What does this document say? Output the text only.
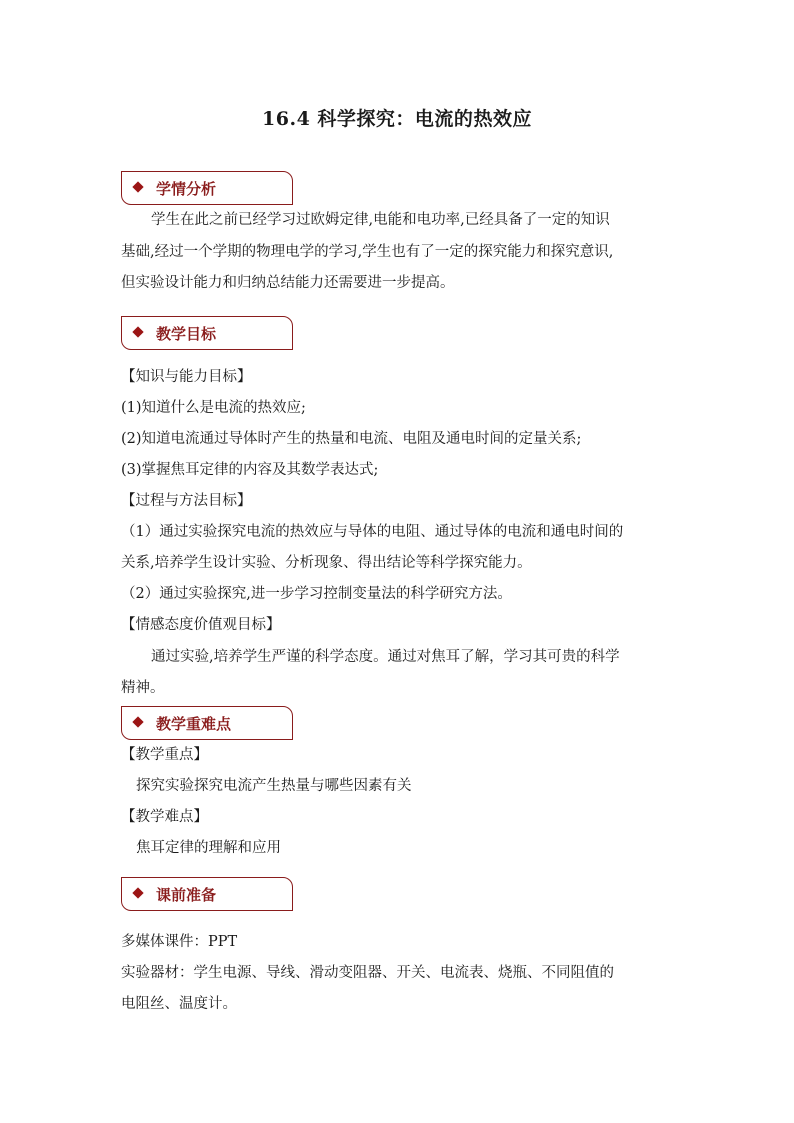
16.4 科学探究：电流的热效应
学情分析
学生在此之前已经学习过欧姆定律,电能和电功率,已经具备了一定的知识
基础,经过一个学期的物理电学的学习,学生也有了一定的探究能力和探究意识,
但实验设计能力和归纳总结能力还需要进一步提高。
教学目标
【知识与能力目标】
(1)知道什么是电流的热效应;
(2)知道电流通过导体时产生的热量和电流、电阻及通电时间的定量关系;
(3)掌握焦耳定律的内容及其数学表达式;
【过程与方法目标】
（1）通过实验探究电流的热效应与导体的电阻、通过导体的电流和通电时间的
关系,培养学生设计实验、分析现象、得出结论等科学探究能力。
（2）通过实验探究,进一步学习控制变量法的科学研究方法。
【情感态度价值观目标】
通过实验,培养学生严谨的科学态度。通过对焦耳了解，学习其可贵的科学
精神。
教学重难点
【教学重点】
探究实验探究电流产生热量与哪些因素有关
【教学难点】
焦耳定律的理解和应用
课前准备
多媒体课件：PPT
实验器材：学生电源、导线、滑动变阻器、开关、电流表、烧瓶、不同阻值的
电阻丝、温度计。
